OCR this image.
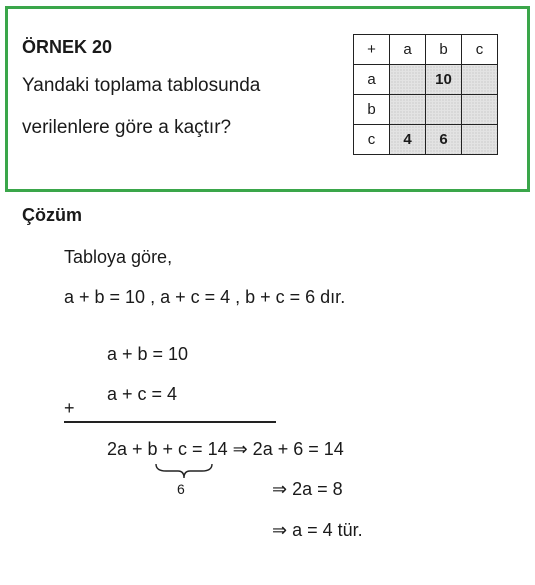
ÖRNEK 20
Yandaki toplama tablosunda
verilenlere göre a kaçtır?
+	a	b	c
a		10	
b			
c	4	6	
Çözüm
Tabloya göre,
a + b = 10 , a + c = 4 , b + c = 6 dır.
a + b = 10
a + c = 4
+
2a + b + c = 14 ⇒ 2a + 6 = 14
6	⇒ 2a = 8
⇒ a = 4 tür.
